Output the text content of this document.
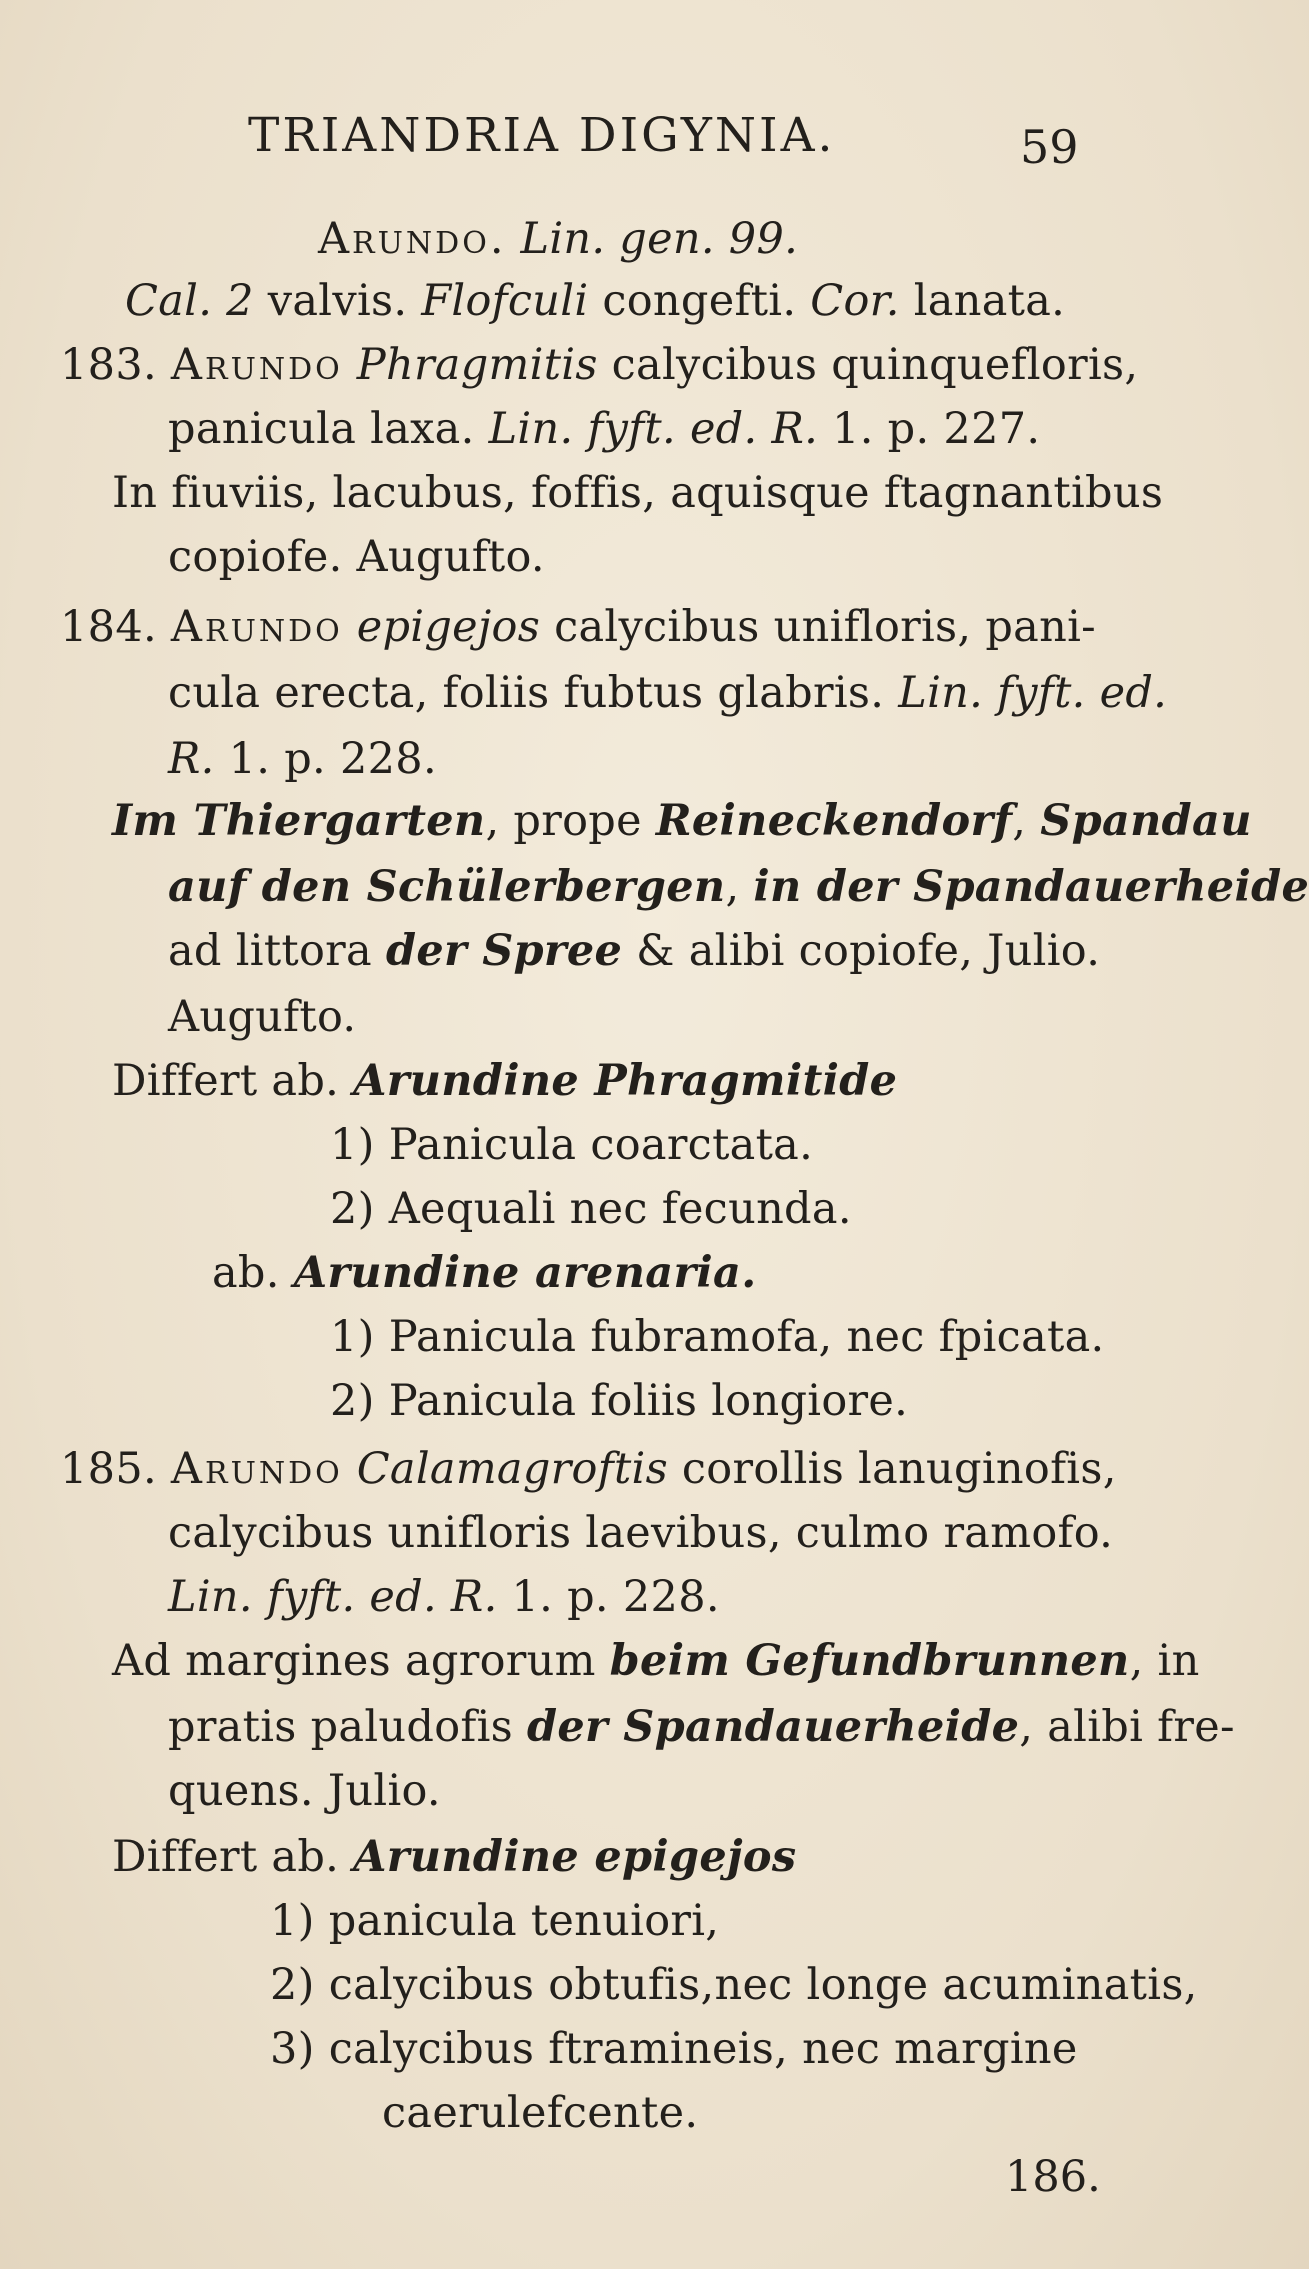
TRIANDRIA DIGYNIA.	59
Arundo. Lin. gen. 99.
Cal. 2 valvis. Flofculi congefti. Cor. lanata.
183. Arundo Phragmitis calycibus quinquefloris,
panicula laxa. Lin. fyft. ed. R. 1. p. 227.
In fiuviis, lacubus, foffis, aquisque ftagnantibus
copiofe. Augufto.
184. Arundo epigejos calycibus unifloris, pani-
cula erecta, foliis fubtus glabris. Lin. fyft. ed.
R. 1. p. 228.
Im Thiergarten, prope Reineckendorf, Spandau
auf den Schülerbergen, in der Spandauerheide
ad littora der Spree & alibi copiofe, Julio.
Augufto.
Differt ab. Arundine Phragmitide
1) Panicula coarctata.
2) Aequali nec fecunda.
ab. Arundine arenaria.
1) Panicula fubramofa, nec fpicata.
2) Panicula foliis longiore.
185. Arundo Calamagroftis corollis lanuginofis,
calycibus unifloris laevibus, culmo ramofo.
Lin. fyft. ed. R. 1. p. 228.
Ad margines agrorum beim Gefundbrunnen, in
pratis paludofis der Spandauerheide, alibi fre-
quens. Julio.
Differt ab. Arundine epigejos
1) panicula tenuiori,
2) calycibus obtufis,nec longe acuminatis,
3) calycibus ftramineis, nec margine
caerulefcente.
186.
